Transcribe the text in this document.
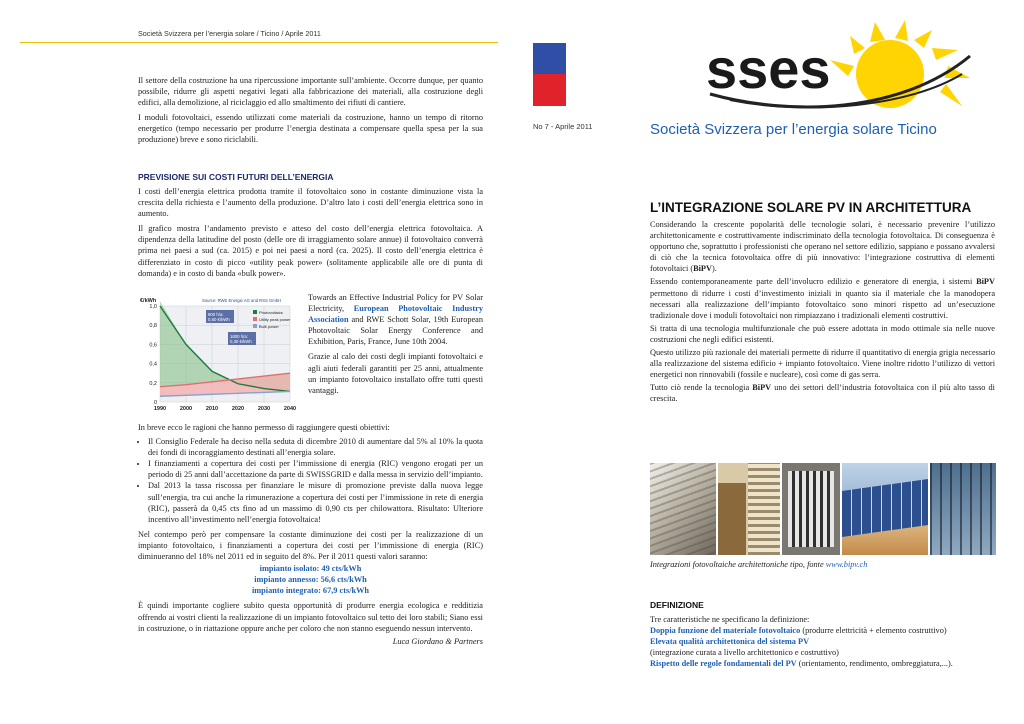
Società Svizzera per l’energia solare / Ticino / Aprile 2011

Il settore della costruzione ha una ripercussione importante sull’ambiente. Occorre dunque, per quanto possibile, ridurre gli aspetti negativi legati alla fabbricazione dei materiali, alla costruzione degli edifici, alla demolizione, al riciclaggio ed allo smaltimento dei rifiuti di cantiere.

I moduli fotovoltaici, essendo utilizzati come materiali da costruzione, hanno un tempo di ritorno energetico (tempo necessario per produrre l’energia destinata a compensare quella spesa per la sua produzione) breve e sono riciclabili.

PREVISIONE SUI COSTI FUTURI DELL’ENERGIA

I costi dell’energia elettrica prodotta tramite il fotovoltaico sono in costante diminuzione vista la crescita della richiesta e l’aumento della produzione. D’altro lato i costi dell’energia elettrica sono in aumento.

Il grafico mostra l’andamento previsto e atteso del costo dell’energia elettrica fotovoltaica. A dipendenza della latitudine del posto (delle ore di irraggiamento solare annue) il fotovoltaico converrà prima nei paesi a sud (ca. 2015) e poi nei paesi a nord (ca. 2025). Il costo dell’energia elettrica è differenziato in costo di picco «utility peak power» (solitamente applicabile alle ore di punta di domanda) e in costo di banda «bulk power».

0
0,2
0,4
0,6
0,8
1,0
1990	2000	2010	2020	2030	2040
€/kWh	Source: RWE Energie AG and RSS GmbH
Photovoltaics
Utility peak power
Bulk power
900 h/a:
0,60 €/kWh
1800 h/a:
0,30 €/kWh

Towards an Effective Industrial Policy for PV Solar Electricity, European Photovoltaic Industry Association and RWE Schott Solar, 19th European Photovoltaic Solar Energy Conference and Exhibition, Paris, France, June 10th 2004.

Grazie al calo dei costi degli impianti fotovoltaici e agli aiuti federali garantiti per 25 anni, attualmente un impianto fotovoltaico installato offre tutti questi vantaggi.

In breve ecco le ragioni che hanno permesso di raggiungere questi obiettivi:

• Il Consiglio Federale ha deciso nella seduta di dicembre 2010 di aumentare dal 5% al 10% la quota dei fondi di incoraggiamento destinati all’energia solare.
• I finanziamenti a copertura dei costi per l’immissione di energia (RIC) vengono erogati per un periodo di 25 anni dall’accettazione da parte di SWISSGRID e dalla messa in servizio dell’impianto.
• Dal 2013 la tassa riscossa per finanziare le misure di promozione previste dalla nuova legge sull’energia, tra cui anche la rimunerazione a copertura dei costi per l’immissione in rete di energia (RIC), passerà da 0,45 cts fino ad un massimo di 0,90 cts per chilowattora. Risultato: Ulteriore incentivo all’investimento nell’energia fotovoltaica!

Nel contempo però per compensare la costante diminuzione dei costi per la realizzazione di un impianto fotovoltaico, i finanziamenti a copertura dei costi per l’immissione di energia (RIC) diminueranno del 18% nel 2011 ed in seguito del 8%. Per il 2011 questi valori saranno:

impianto isolato: 49 cts/kWh
impianto annesso: 56,6 cts/kWh
impianto integrato: 67,9 cts/kWh

È quindi importante cogliere subito questa opportunità di produrre energia ecologica e redditizia offrendo ai vostri clienti la realizzazione di un impianto fotovoltaico sul tetto dei loro stabili; Siano essi in costruzione, o in riattazione oppure anche per coloro che non stanno eseguendo nessun intervento.

Luca Giordano & Partners
No 7 - Aprile 2011
sses
Società Svizzera per l’energia solare Ticino
L’INTEGRAZIONE SOLARE PV IN ARCHITETTURA

Considerando la crescente popolarità delle tecnologie solari, è necessario prevenire l’utilizzo architettonicamente e costruttivamente indiscriminato della tecnologia fotovoltaica. Di conseguenza è opportuno che, soprattutto i professionisti che operano nel settore edilizio, sappiano e possano avvalersi di ciò che la tecnica fotovoltaica offre di più innovativo: l’integrazione costruttiva di elementi fotovoltaici (BiPV).

Essendo contemporaneamente parte dell’involucro edilizio e generatore di energia, i sistemi BiPV permettono di ridurre i costi d’investimento iniziali in quanto sia il materiale che la manodopera necessari alla realizzazione dell’impianto fotovoltaico sono minori rispetto ad un’esecuzione tradizionale dove i moduli fotovoltaici non rimpiazzano i tradizionali elementi costruttivi.

Si tratta di una tecnologia multifunzionale che può essere adottata in modo ottimale sia nelle nuove costruzioni che negli edifici esistenti.

Questo utilizzo più razionale dei materiali permette di ridurre il quantitativo di energia grigia necessario alla realizzazione del sistema edificio + impianto fotovoltaico. Viene inoltre ridotto l’utilizzo di vettori energetici non rinnovabili (fossile e nucleare), così come di gas serra.

Tutto ciò rende la tecnologia BiPV uno dei settori dell’industria fotovoltaica con il più alto tasso di crescita.

Integrazioni fotovoltaiche architettoniche tipo, fonte www.bipv.ch
DEFINIZIONE

Tre caratteristiche ne specificano la definizione:

Doppia funzione del materiale fotovoltaico (produrre elettricità + elemento costruttivo)

Elevata qualità architettonica del sistema PV

(integrazione curata a livello architettonico e costruttivo)

Rispetto delle regole fondamentali del PV (orientamento, rendimento, ombreggiatura,...).
